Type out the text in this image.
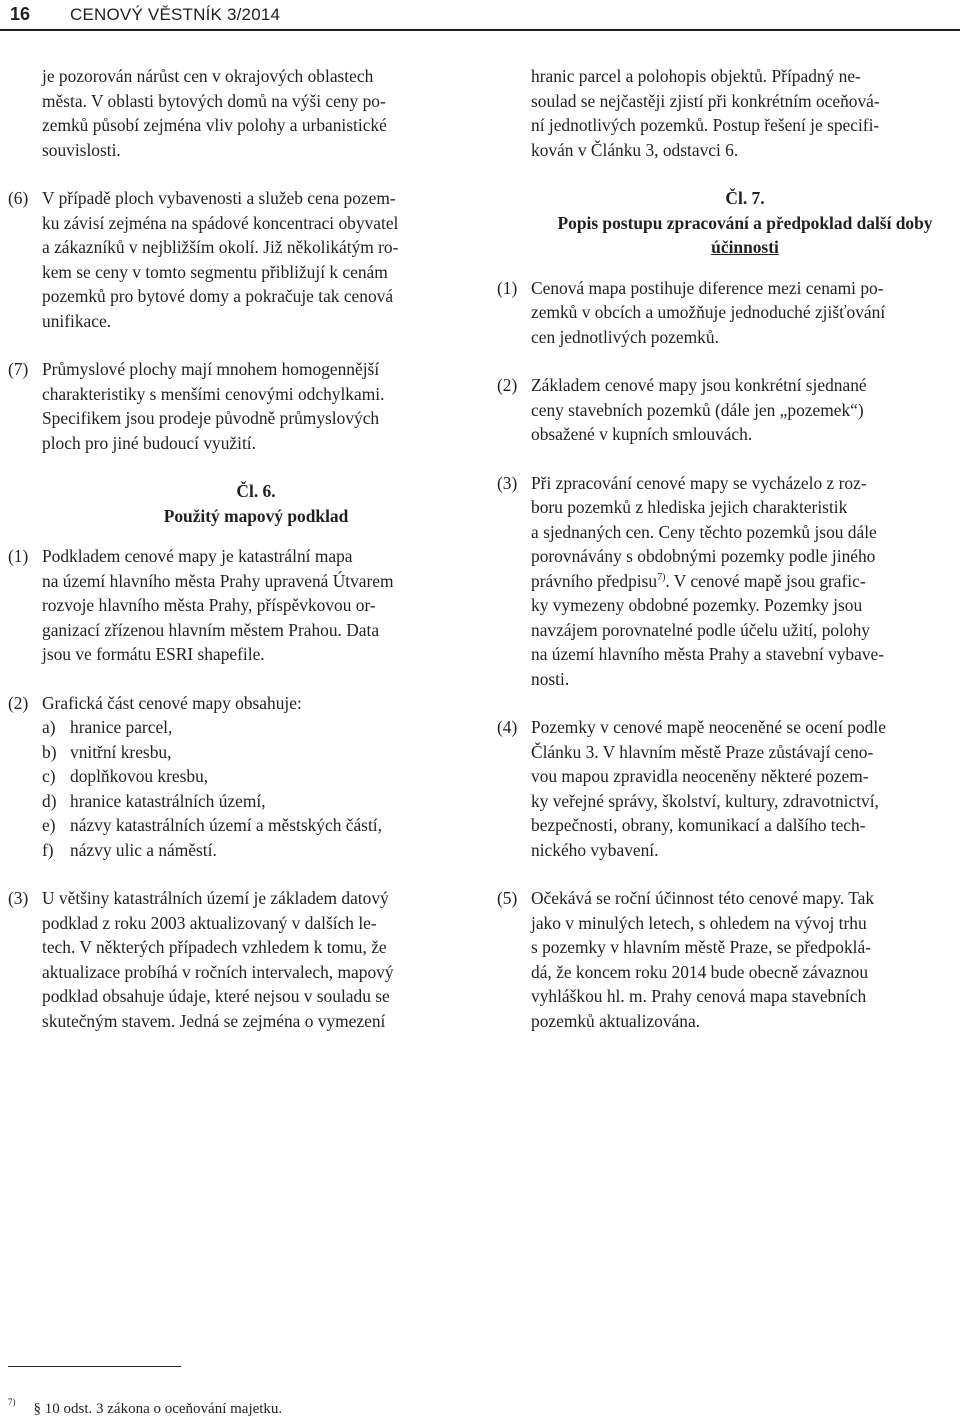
16 CENOVÝ VĚSTNÍK 3/2014
je pozorován nárůst cen v okrajových oblastech
města. V oblasti bytových domů na výši ceny po-
zemků působí zejména vliv polohy a urbanistické
souvislosti.
(6) V případě ploch vybavenosti a služeb cena pozem-
ku závisí zejména na spádové koncentraci obyvatel
a zákazníků v nejbližším okolí. Již několikátým ro-
kem se ceny v tomto segmentu přibližují k cenám
pozemků pro bytové domy a pokračuje tak cenová
unifikace.
(7) Průmyslové plochy mají mnohem homogennější
charakteristiky s menšími cenovými odchylkami.
Specifikem jsou prodeje původně průmyslových
ploch pro jiné budoucí využití.
Čl. 6.
Použitý mapový podklad
(1) Podkladem cenové mapy je katastrální mapa
na území hlavního města Prahy upravená Útvarem
rozvoje hlavního města Prahy, příspěvkovou or-
ganizací zřízenou hlavním městem Prahou. Data
jsou ve formátu ESRI shapefile.
(2) Grafická část cenové mapy obsahuje:
a) hranice parcel,
b) vnitřní kresbu,
c) doplňkovou kresbu,
d) hranice katastrálních území,
e) názvy katastrálních území a městských částí,
f) názvy ulic a náměstí.
(3) U většiny katastrálních území je základem datový
podklad z roku 2003 aktualizovaný v dalších le-
tech. V některých případech vzhledem k tomu, že
aktualizace probíhá v ročních intervalech, mapový
podklad obsahuje údaje, které nejsou v souladu se
skutečným stavem. Jedná se zejména o vymezení
hranic parcel a polohopis objektů. Případný ne-
soulad se nejčastěji zjistí při konkrétním oceňová-
ní jednotlivých pozemků. Postup řešení je specifi-
kován v Článku 3, odstavci 6.
Čl. 7.
Popis postupu zpracování a předpoklad další doby
účinnosti
(1) Cenová mapa postihuje diference mezi cenami po-
zemků v obcích a umožňuje jednoduché zjišťování
cen jednotlivých pozemků.
(2) Základem cenové mapy jsou konkrétní sjednané
ceny stavebních pozemků (dále jen „pozemek“)
obsažené v kupních smlouvách.
(3) Při zpracování cenové mapy se vycházelo z roz-
boru pozemků z hlediska jejich charakteristik
a sjednaných cen. Ceny těchto pozemků jsou dále
porovnávány s obdobnými pozemky podle jiného
právního předpisu$^{7)}$. V cenové mapě jsou grafic-
ky vymezeny obdobné pozemky. Pozemky jsou
navzájem porovnatelné podle účelu užití, polohy
na území hlavního města Prahy a stavební vybave-
nosti.
(4) Pozemky v cenové mapě neoceněné se ocení podle
Článku 3. V hlavním městě Praze zůstávají ceno-
vou mapou zpravidla neoceněny některé pozem-
ky veřejné správy, školství, kultury, zdravotnictví,
bezpečnosti, obrany, komunikací a dalšího tech-
nického vybavení.
(5) Očekává se roční účinnost této cenové mapy. Tak
jako v minulých letech, s ohledem na vývoj trhu
s pozemky v hlavním městě Praze, se předpoklá-
dá, že koncem roku 2014 bude obecně závaznou
vyhláškou hl. m. Prahy cenová mapa stavebních
pozemků aktualizována.
$^{7)}$ § 10 odst. 3 zákona o oceňování majetku.
